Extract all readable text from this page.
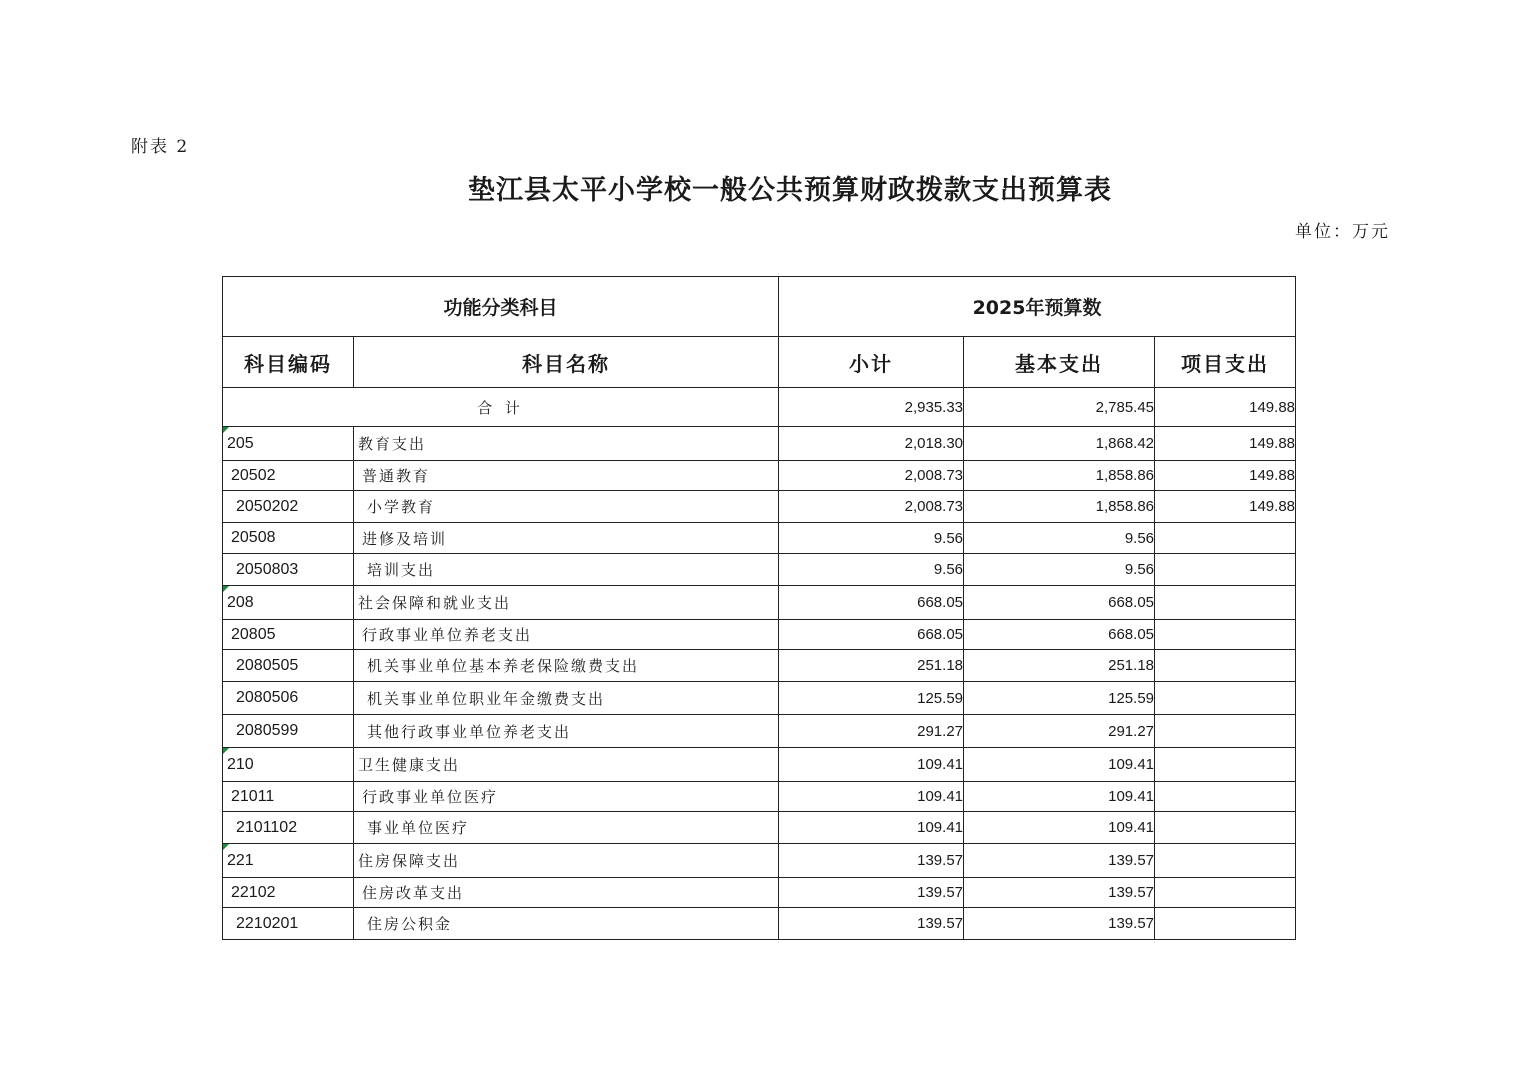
附表 2
垫江县太平小学校一般公共预算财政拨款支出预算表
单位：万元
功能分类科目		2025年预算数		
科目编码	科目名称	小计	基本支出	项目支出
合 计		2,935.33	2,785.45	149.88

205	教育支出	2,018.30	1,868.42	149.88
20502	普通教育	2,008.73	1,858.86	149.88
2050202	小学教育	2,008.73	1,858.86	149.88
20508	进修及培训	9.56	9.56	
2050803	培训支出	9.56	9.56	

208	社会保障和就业支出	668.05	668.05	
20805	行政事业单位养老支出	668.05	668.05	
2080505	机关事业单位基本养老保险缴费支出	251.18	251.18	
2080506	机关事业单位职业年金缴费支出	125.59	125.59	
2080599	其他行政事业单位养老支出	291.27	291.27	

210	卫生健康支出	109.41	109.41	
21011	行政事业单位医疗	109.41	109.41	
2101102	事业单位医疗	109.41	109.41	

221	住房保障支出	139.57	139.57	
22102	住房改革支出	139.57	139.57	
2210201	住房公积金	139.57	139.57	
